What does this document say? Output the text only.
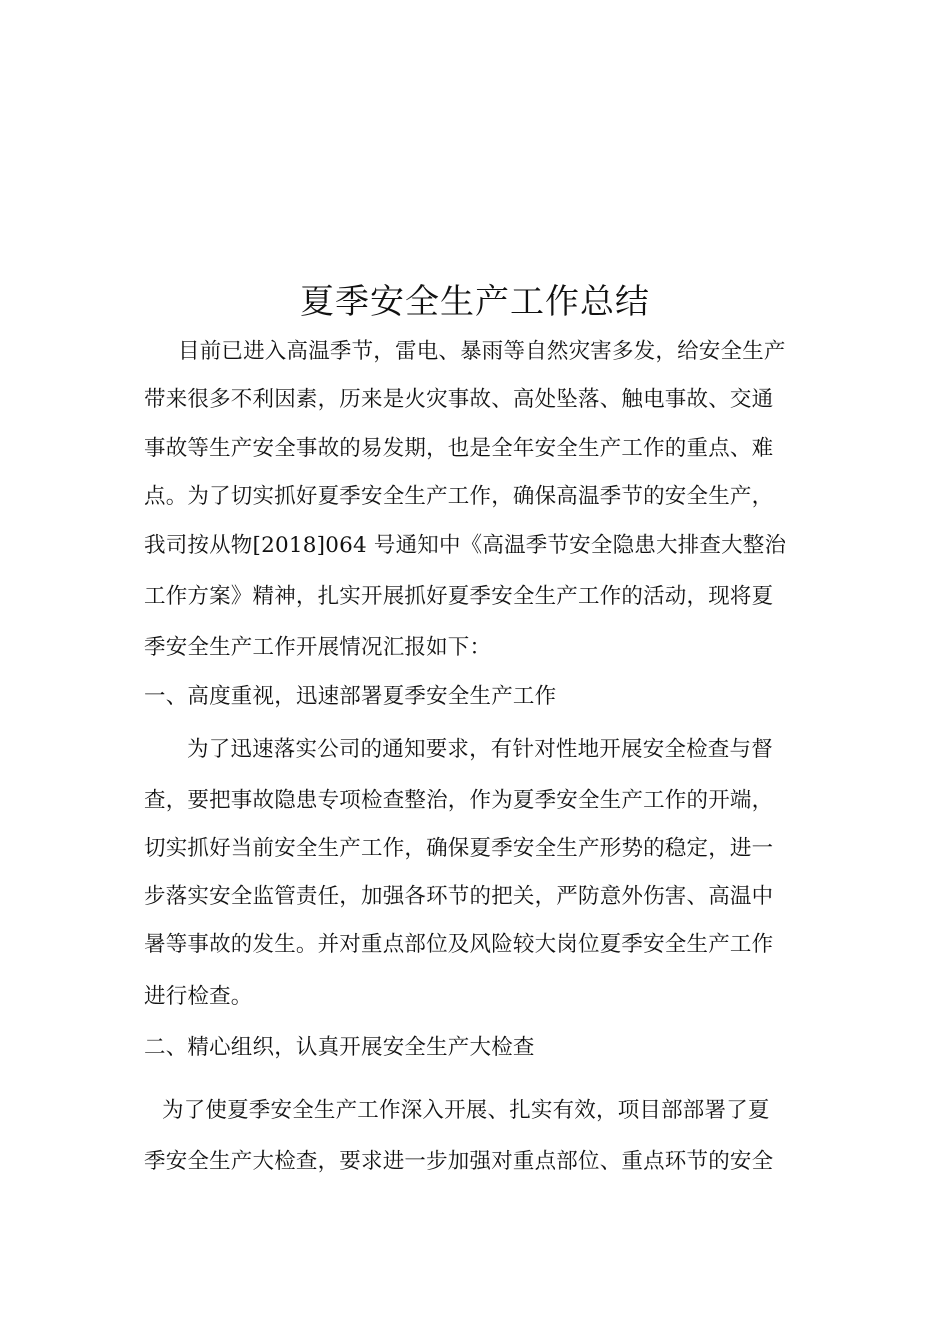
夏季安全生产工作总结
目前已进入高温季节，雷电、暴雨等自然灾害多发，给安全生产
带来很多不利因素，历来是火灾事故、高处坠落、触电事故、交通
事故等生产安全事故的易发期，也是全年安全生产工作的重点、难
点。为了切实抓好夏季安全生产工作，确保高温季节的安全生产，
我司按从物[2018]064 号通知中《高温季节安全隐患大排查大整治
工作方案》精神，扎实开展抓好夏季安全生产工作的活动，现将夏
季安全生产工作开展情况汇报如下：
一、高度重视，迅速部署夏季安全生产工作
为了迅速落实公司的通知要求，有针对性地开展安全检查与督
查，要把事故隐患专项检查整治，作为夏季安全生产工作的开端，
切实抓好当前安全生产工作，确保夏季安全生产形势的稳定，进一
步落实安全监管责任，加强各环节的把关，严防意外伤害、高温中
暑等事故的发生。并对重点部位及风险较大岗位夏季安全生产工作
进行检查。
二、精心组织，认真开展安全生产大检查
为了使夏季安全生产工作深入开展、扎实有效，项目部部署了夏
季安全生产大检查，要求进一步加强对重点部位、重点环节的安全
